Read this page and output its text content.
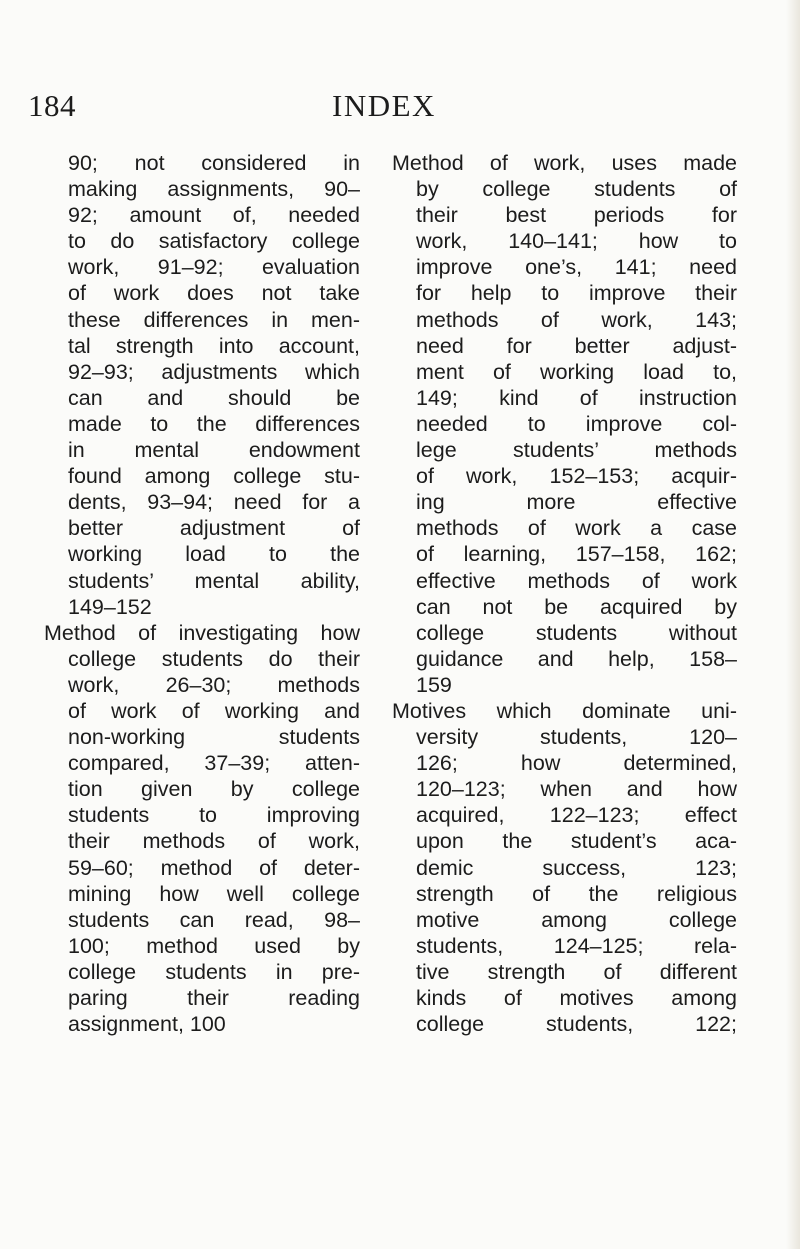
184	INDEX
90; not considered in
making assignments, 90–
92; amount of, needed
to do satisfactory college
work, 91–92; evaluation
of work does not take
these differences in men-
tal strength into account,
92–93; adjustments which
can and should be
made to the differences
in mental endowment
found among college stu-
dents, 93–94; need for a
better adjustment of
working load to the
students’ mental ability,
149–152
Method of investigating how
college students do their
work, 26–30; methods
of work of working and
non-working students
compared, 37–39; atten-
tion given by college
students to improving
their methods of work,
59–60; method of deter-
mining how well college
students can read, 98–
100; method used by
college students in pre-
paring their reading
assignment, 100
Method of work, uses made
by college students of
their best periods for
work, 140–141; how to
improve one’s, 141; need
for help to improve their
methods of work, 143;
need for better adjust-
ment of working load to,
149; kind of instruction
needed to improve col-
lege students’ methods
of work, 152–153; acquir-
ing more effective
methods of work a case
of learning, 157–158, 162;
effective methods of work
can not be acquired by
college students without
guidance and help, 158–
159
Motives which dominate uni-
versity students, 120–
126; how determined,
120–123; when and how
acquired, 122–123; effect
upon the student’s aca-
demic success, 123;
strength of the religious
motive among college
students, 124–125; rela-
tive strength of different
kinds of motives among
college students, 122;
